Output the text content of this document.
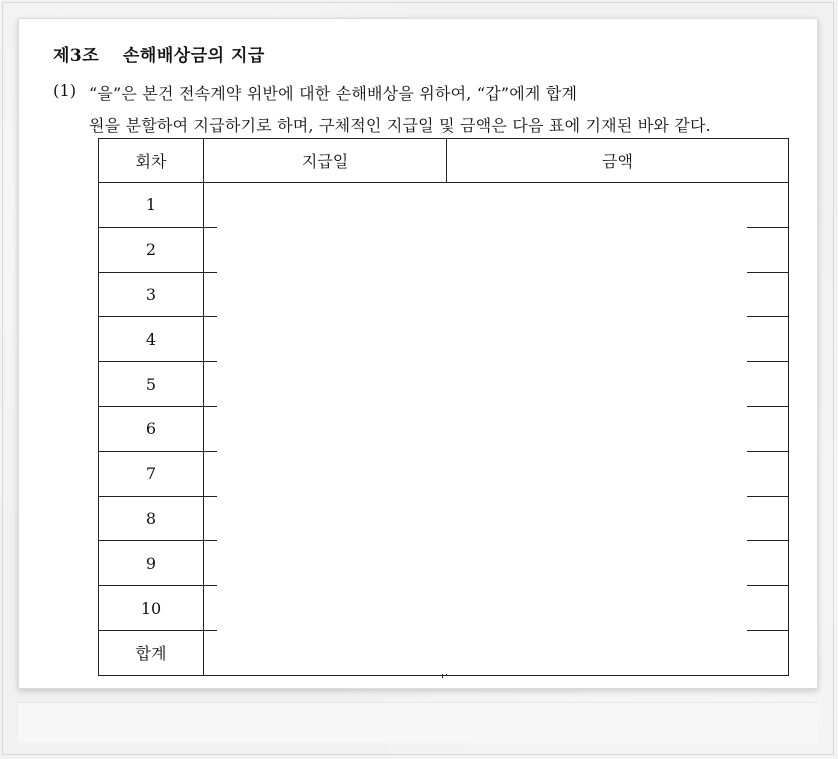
제3조 손해배상금의 지급
(1) “을”은 본건 전속계약 위반에 대한 손해배상을 위하여, “갑”에게 합계
원을 분할하여 지급하기로 하며, 구체적인 지급일 및 금액은 다음 표에 기재된 바와 같다.
회차	지급일	금액
1		
2		
3		
4		
5		
6		
7		
8		
9		
10		
합계		
